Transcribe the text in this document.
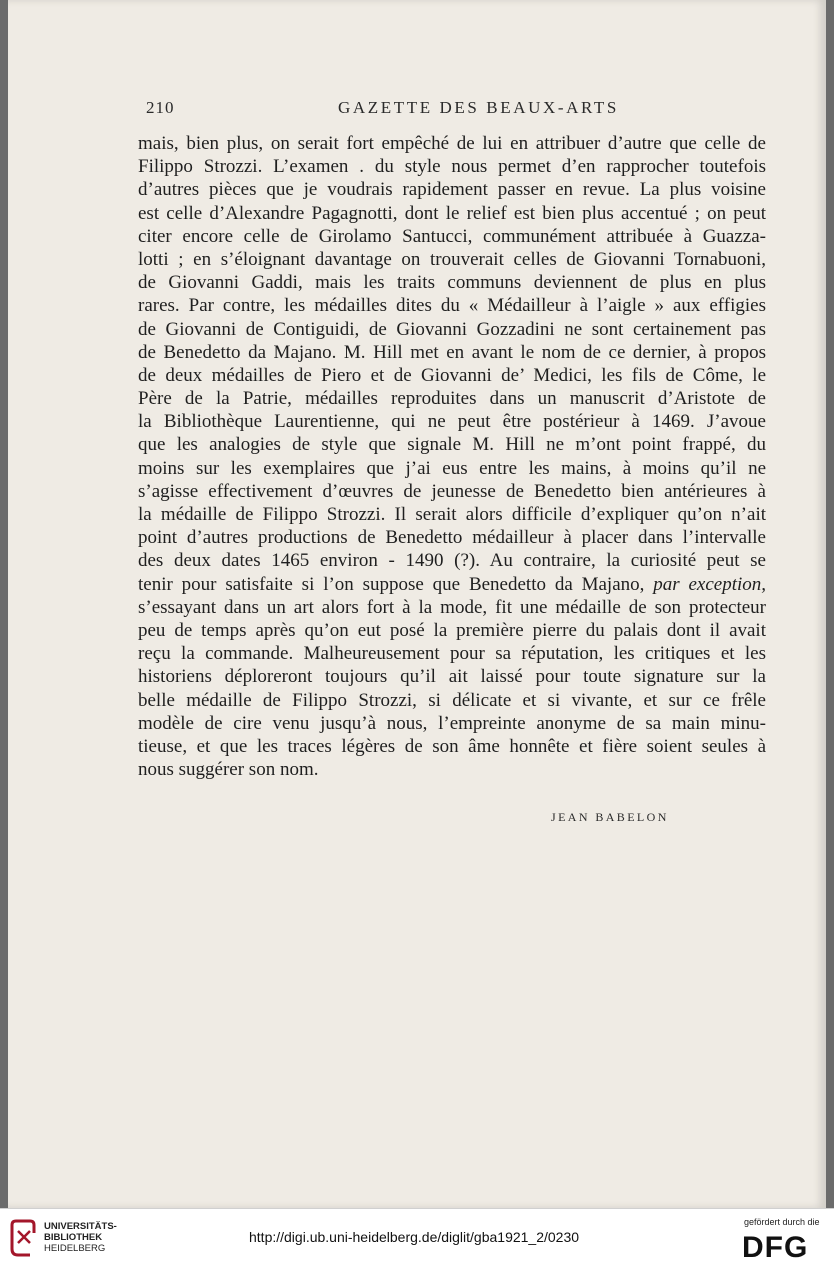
210	GAZETTE DES BEAUX-ARTS
mais, bien plus, on serait fort empêché de lui en attribuer d’autre que celle de
Filippo Strozzi. L’examen . du style nous permet d’en rapprocher toutefois
d’autres pièces que je voudrais rapidement passer en revue. La plus voisine
est celle d’Alexandre Pagagnotti, dont le relief est bien plus accentué ; on peut
citer encore celle de Girolamo Santucci, communément attribuée à Guazza-
lotti ; en s’éloignant davantage on trouverait celles de Giovanni Tornabuoni,
de Giovanni Gaddi, mais les traits communs deviennent de plus en plus
rares. Par contre, les médailles dites du « Médailleur à l’aigle » aux effigies
de Giovanni de Contiguidi, de Giovanni Gozzadini ne sont certainement pas
de Benedetto da Majano. M. Hill met en avant le nom de ce dernier, à propos
de deux médailles de Piero et de Giovanni de’ Medici, les fils de Côme, le
Père de la Patrie, médailles reproduites dans un manuscrit d’Aristote de
la Bibliothèque Laurentienne, qui ne peut être postérieur à 1469. J’avoue
que les analogies de style que signale M. Hill ne m’ont point frappé, du
moins sur les exemplaires que j’ai eus entre les mains, à moins qu’il ne
s’agisse effectivement d’œuvres de jeunesse de Benedetto bien antérieures à
la médaille de Filippo Strozzi. Il serait alors difficile d’expliquer qu’on n’ait
point d’autres productions de Benedetto médailleur à placer dans l’intervalle
des deux dates 1465 environ - 1490 (?). Au contraire, la curiosité peut se
tenir pour satisfaite si l’on suppose que Benedetto da Majano, par exception,
s’essayant dans un art alors fort à la mode, fit une médaille de son protecteur
peu de temps après qu’on eut posé la première pierre du palais dont il avait
reçu la commande. Malheureusement pour sa réputation, les critiques et les
historiens déploreront toujours qu’il ait laissé pour toute signature sur la
belle médaille de Filippo Strozzi, si délicate et si vivante, et sur ce frêle
modèle de cire venu jusqu’à nous, l’empreinte anonyme de sa main minu-
tieuse, et que les traces légères de son âme honnête et fière soient seules à
nous suggérer son nom.
JEAN BABELON
UNIVERSITÄTS-
BIBLIOTHEK
HEIDELBERG
http://digi.ub.uni-heidelberg.de/diglit/gba1921_2/0230
gefördert durch die
DFG
